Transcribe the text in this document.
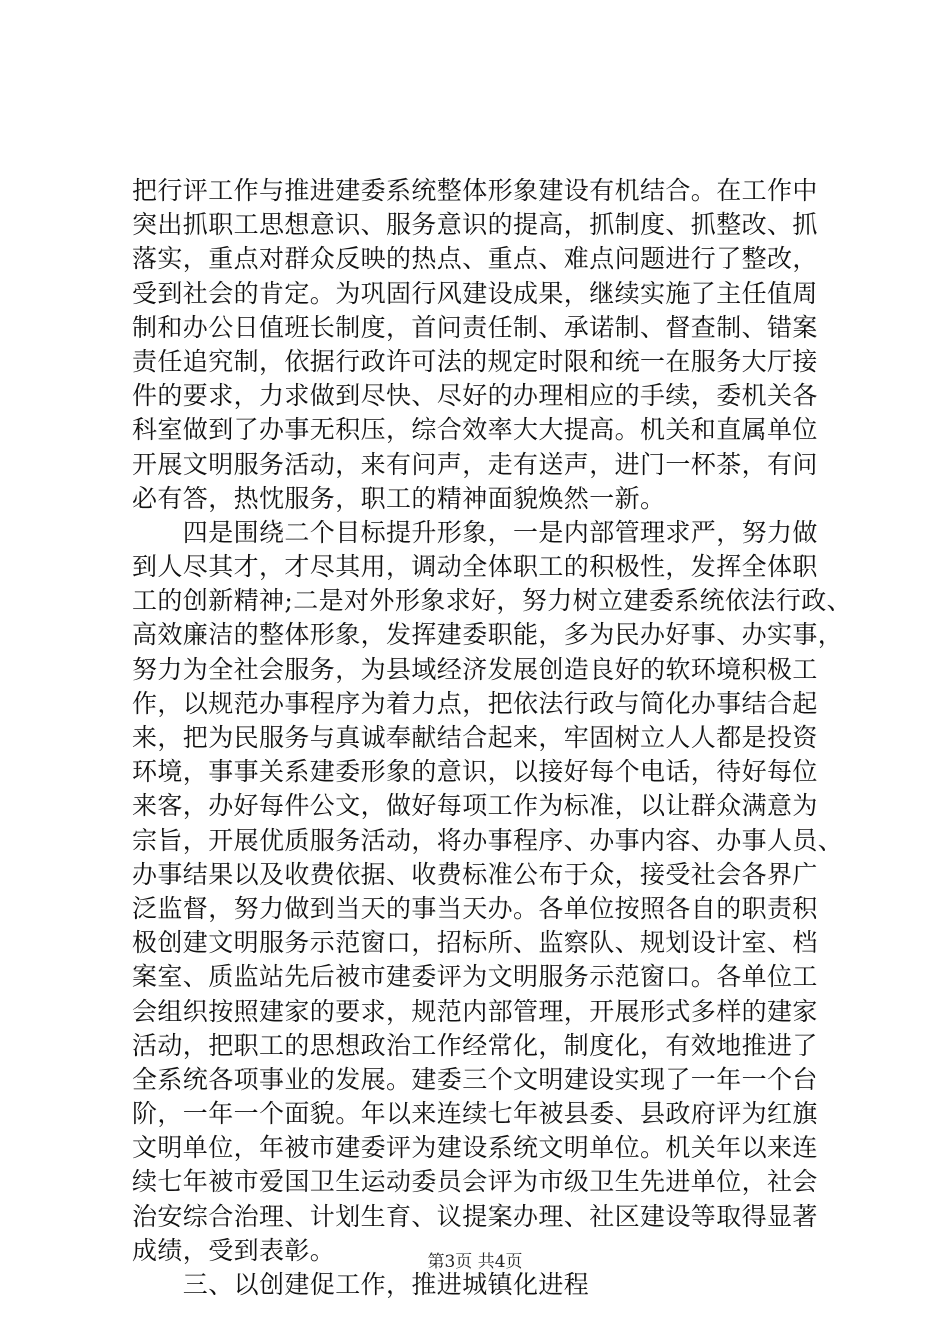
把行评工作与推进建委系统整体形象建设有机结合。在工作中
突出抓职工思想意识、服务意识的提高，抓制度、抓整改、抓
落实，重点对群众反映的热点、重点、难点问题进行了整改，
受到社会的肯定。为巩固行风建设成果，继续实施了主任值周
制和办公日值班长制度，首问责任制、承诺制、督查制、错案
责任追究制，依据行政许可法的规定时限和统一在服务大厅接
件的要求，力求做到尽快、尽好的办理相应的手续，委机关各
科室做到了办事无积压，综合效率大大提高。机关和直属单位
开展文明服务活动，来有问声，走有送声，进门一杯茶，有问
必有答，热忱服务，职工的精神面貌焕然一新。
　　四是围绕二个目标提升形象，一是内部管理求严，努力做
到人尽其才，才尽其用，调动全体职工的积极性，发挥全体职
工的创新精神;二是对外形象求好，努力树立建委系统依法行政、
高效廉洁的整体形象，发挥建委职能，多为民办好事、办实事，
努力为全社会服务，为县域经济发展创造良好的软环境积极工
作，以规范办事程序为着力点，把依法行政与简化办事结合起
来，把为民服务与真诚奉献结合起来，牢固树立人人都是投资
环境，事事关系建委形象的意识，以接好每个电话，待好每位
来客，办好每件公文，做好每项工作为标准，以让群众满意为
宗旨，开展优质服务活动，将办事程序、办事内容、办事人员、
办事结果以及收费依据、收费标准公布于众，接受社会各界广
泛监督，努力做到当天的事当天办。各单位按照各自的职责积
极创建文明服务示范窗口，招标所、监察队、规划设计室、档
案室、质监站先后被市建委评为文明服务示范窗口。各单位工
会组织按照建家的要求，规范内部管理，开展形式多样的建家
活动，把职工的思想政治工作经常化，制度化，有效地推进了
全系统各项事业的发展。建委三个文明建设实现了一年一个台
阶，一年一个面貌。年以来连续七年被县委、县政府评为红旗
文明单位，年被市建委评为建设系统文明单位。机关年以来连
续七年被市爱国卫生运动委员会评为市级卫生先进单位，社会
治安综合治理、计划生育、议提案办理、社区建设等取得显著
成绩，受到表彰。
　　三、以创建促工作，推进城镇化进程
第3页 共4页
